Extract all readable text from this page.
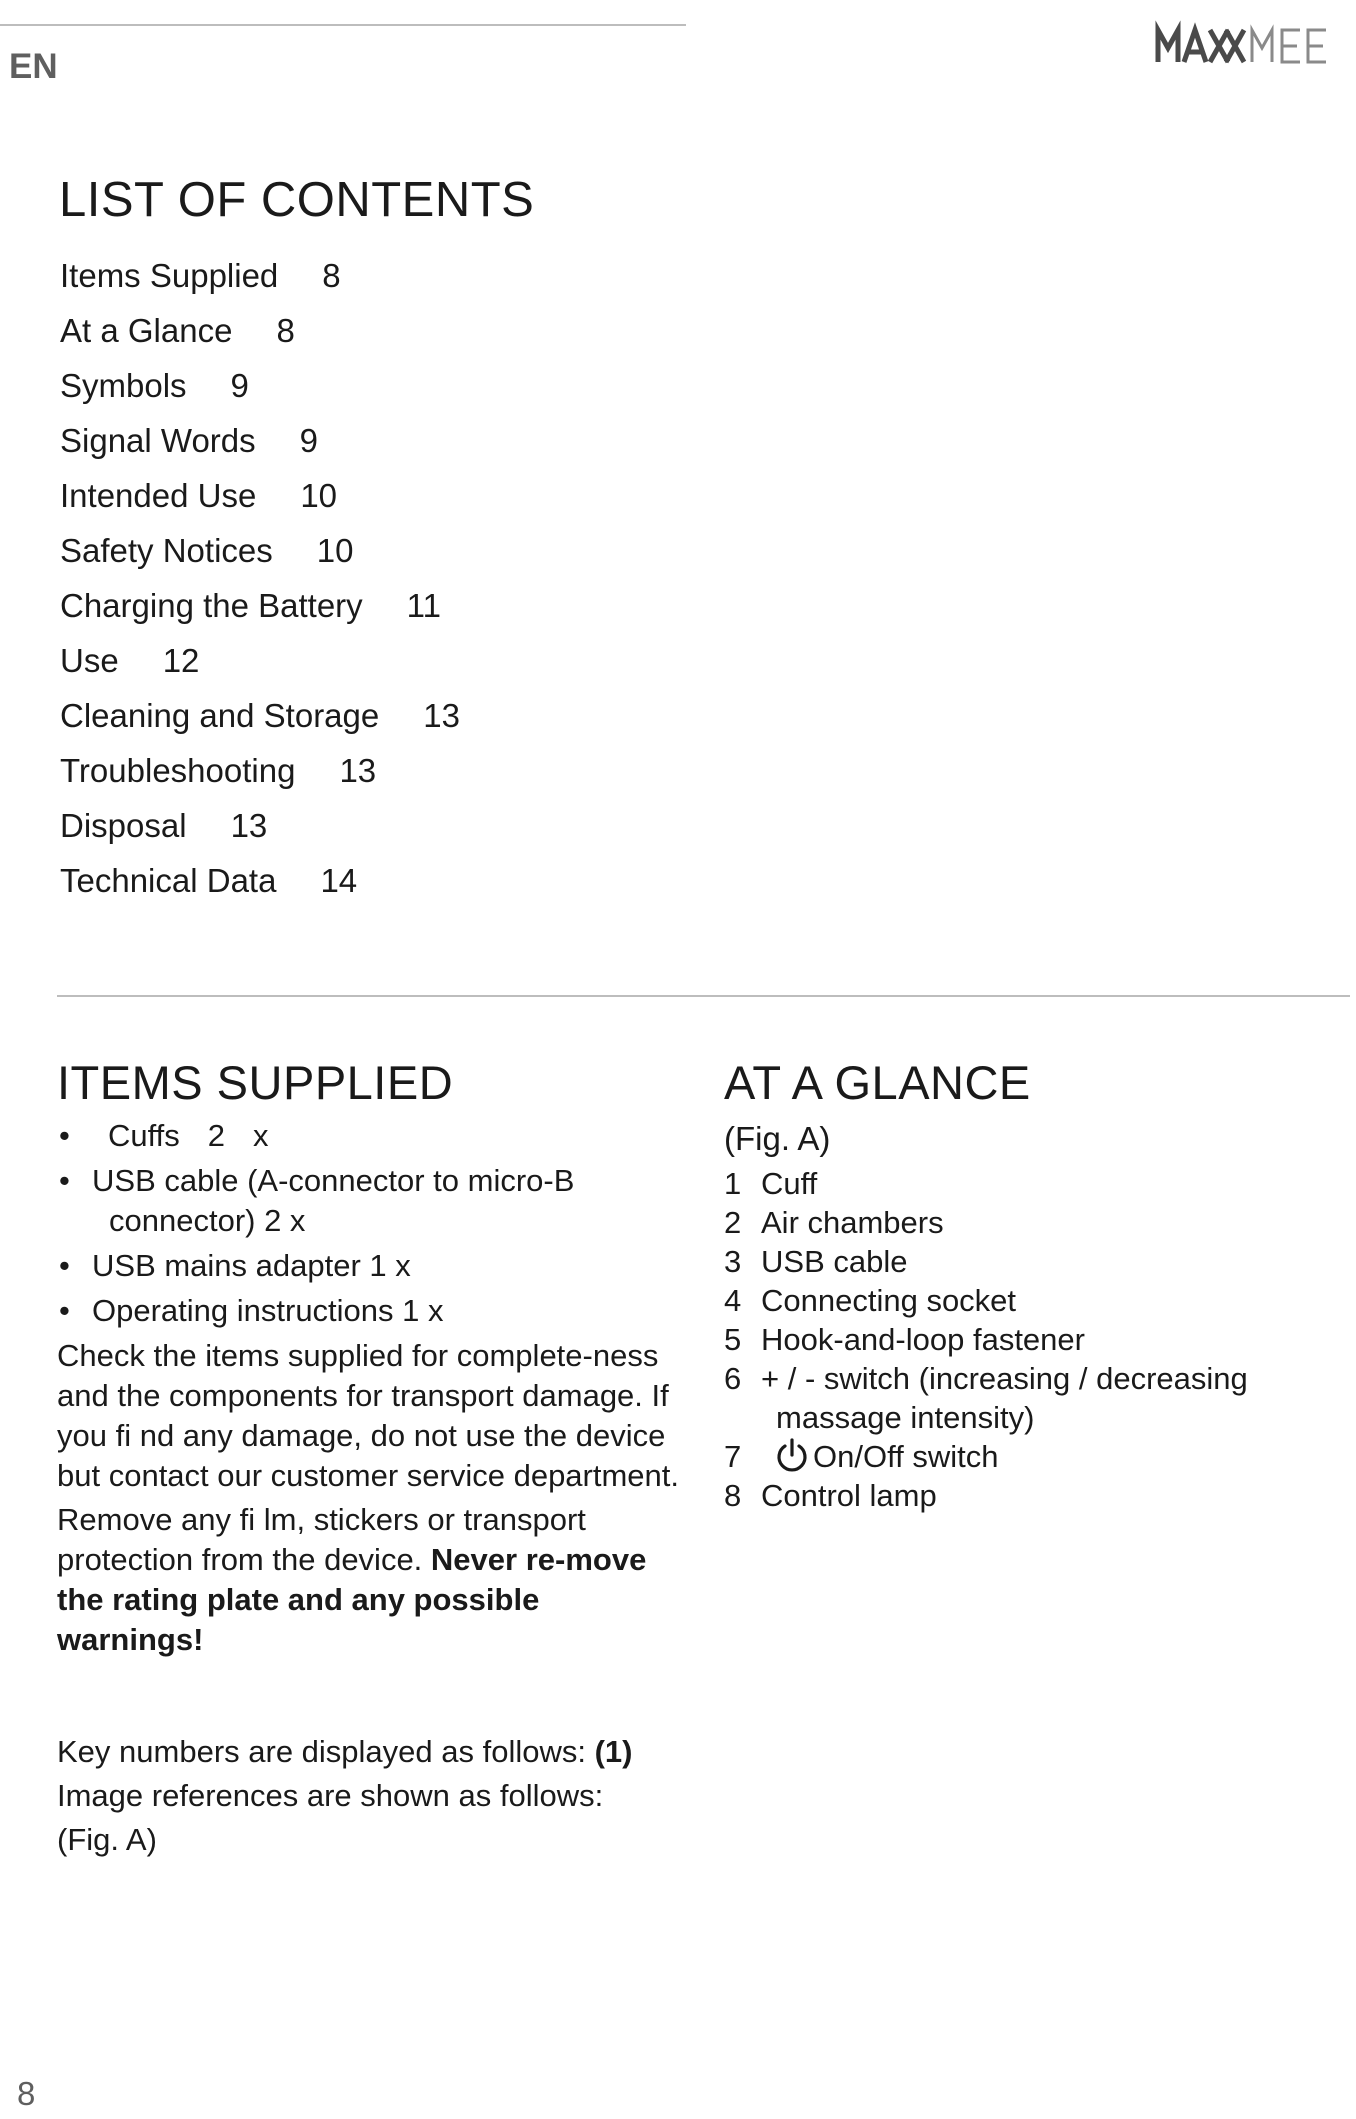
EN
LIST OF CONTENTS
Items Supplied 8
At a Glance 8
Symbols 9
Signal Words 9
Intended Use 10
Safety Notices 10
Charging the Battery 11
Use 12
Cleaning and Storage 13
Troubleshooting 13
Disposal 13
Technical Data 14
ITEMS SUPPLIED
• Cuffs 2 x
• USB cable (A-connector to micro-B
connector) 2 x
• USB mains adapter 1 x
• Operating instructions 1 x

Check the items supplied for complete-ness and the components for transport damage. If you fi nd any damage, do not use the device but contact our customer service department.

Remove any fi lm, stickers or transport protection from the device. Never re-move the rating plate and any possible warnings!

Key numbers are displayed as follows: (1)
Image references are shown as follows:
(Fig. A)
AT A GLANCE
(Fig. A)
1 Cuff
2 Air chambers
3 USB cable
4 Connecting socket
5 Hook-and-loop fastener
6 + / - switch (increasing / decreasing
massage intensity)
7 On/Off switch
8 Control lamp
8
